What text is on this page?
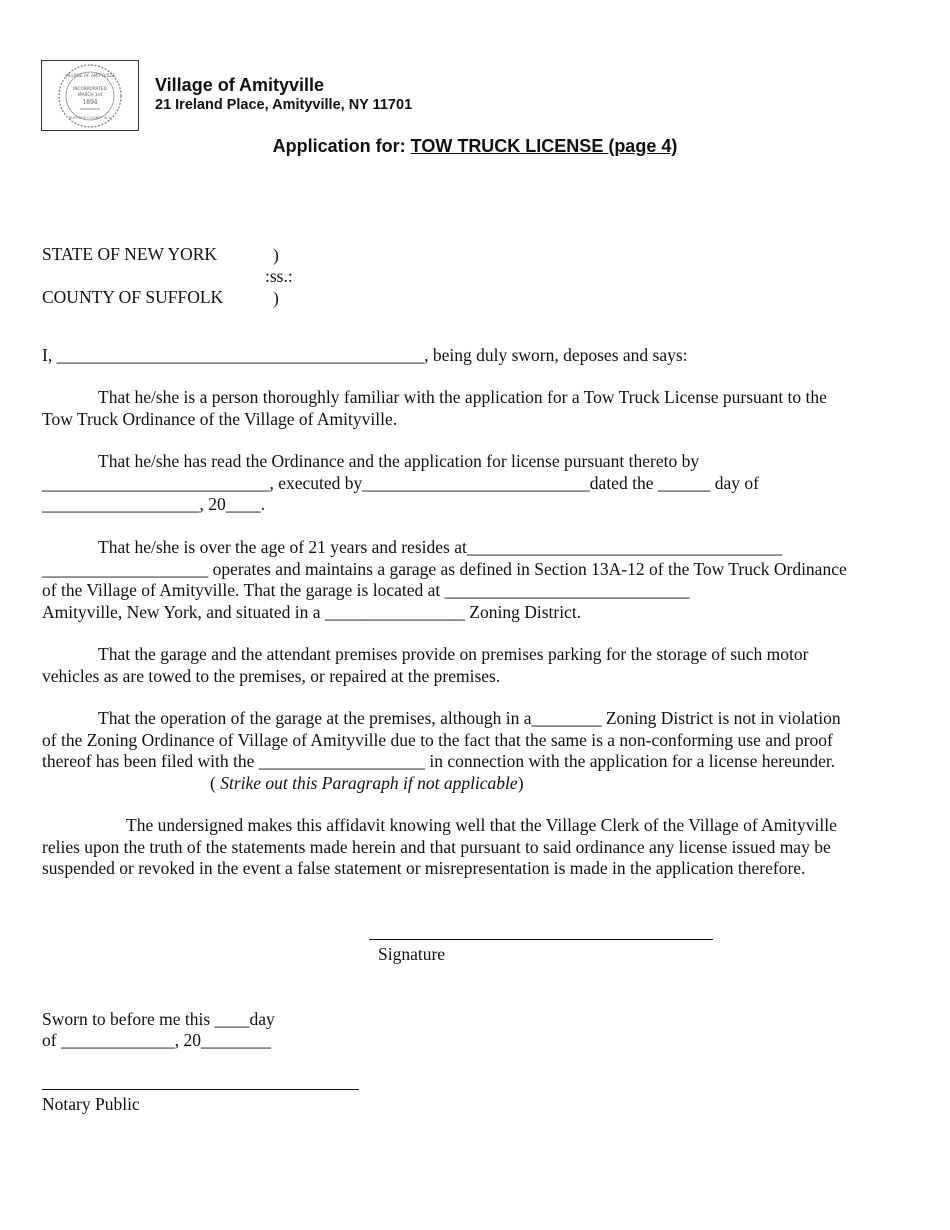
VILLAGE OF AMITYVILLE
INCORPORATED
MARCH 3rd
1894
SUFFOLK COUNTY N.Y.
Village of Amityville
21 Ireland Place, Amityville, NY 11701
Application for: TOW TRUCK LICENSE (page 4)
STATE OF NEW YORK	)
:ss.:
COUNTY OF SUFFOLK	)
I, __________________________________________, being duly sworn, deposes and says:
That he/she is a person thoroughly familiar with the application for a Tow Truck License pursuant to the
Tow Truck Ordinance of the Village of Amityville.
That he/she has read the Ordinance and the application for license pursuant thereto by
__________________________, executed by__________________________dated the ______ day of
__________________, 20____.
That he/she is over the age of 21 years and resides at____________________________________
___________________ operates and maintains a garage as defined in Section 13A-12 of the Tow Truck Ordinance
of the Village of Amityville. That the garage is located at ____________________________
Amityville, New York, and situated in a ________________ Zoning District.
That the garage and the attendant premises provide on premises parking for the storage of such motor
vehicles as are towed to the premises, or repaired at the premises.
That the operation of the garage at the premises, although in a________ Zoning District is not in violation
of the Zoning Ordinance of Village of Amityville due to the fact that the same is a non-conforming use and proof
thereof has been filed with the ___________________ in connection with the application for a license hereunder.
( Strike out this Paragraph if not applicable)
The undersigned makes this affidavit knowing well that the Village Clerk of the Village of Amityville
relies upon the truth of the statements made herein and that pursuant to said ordinance any license issued may be
suspended or revoked in the event a false statement or misrepresentation is made in the application therefore.
Signature
Sworn to before me this ____day
of _____________, 20________
Notary Public
